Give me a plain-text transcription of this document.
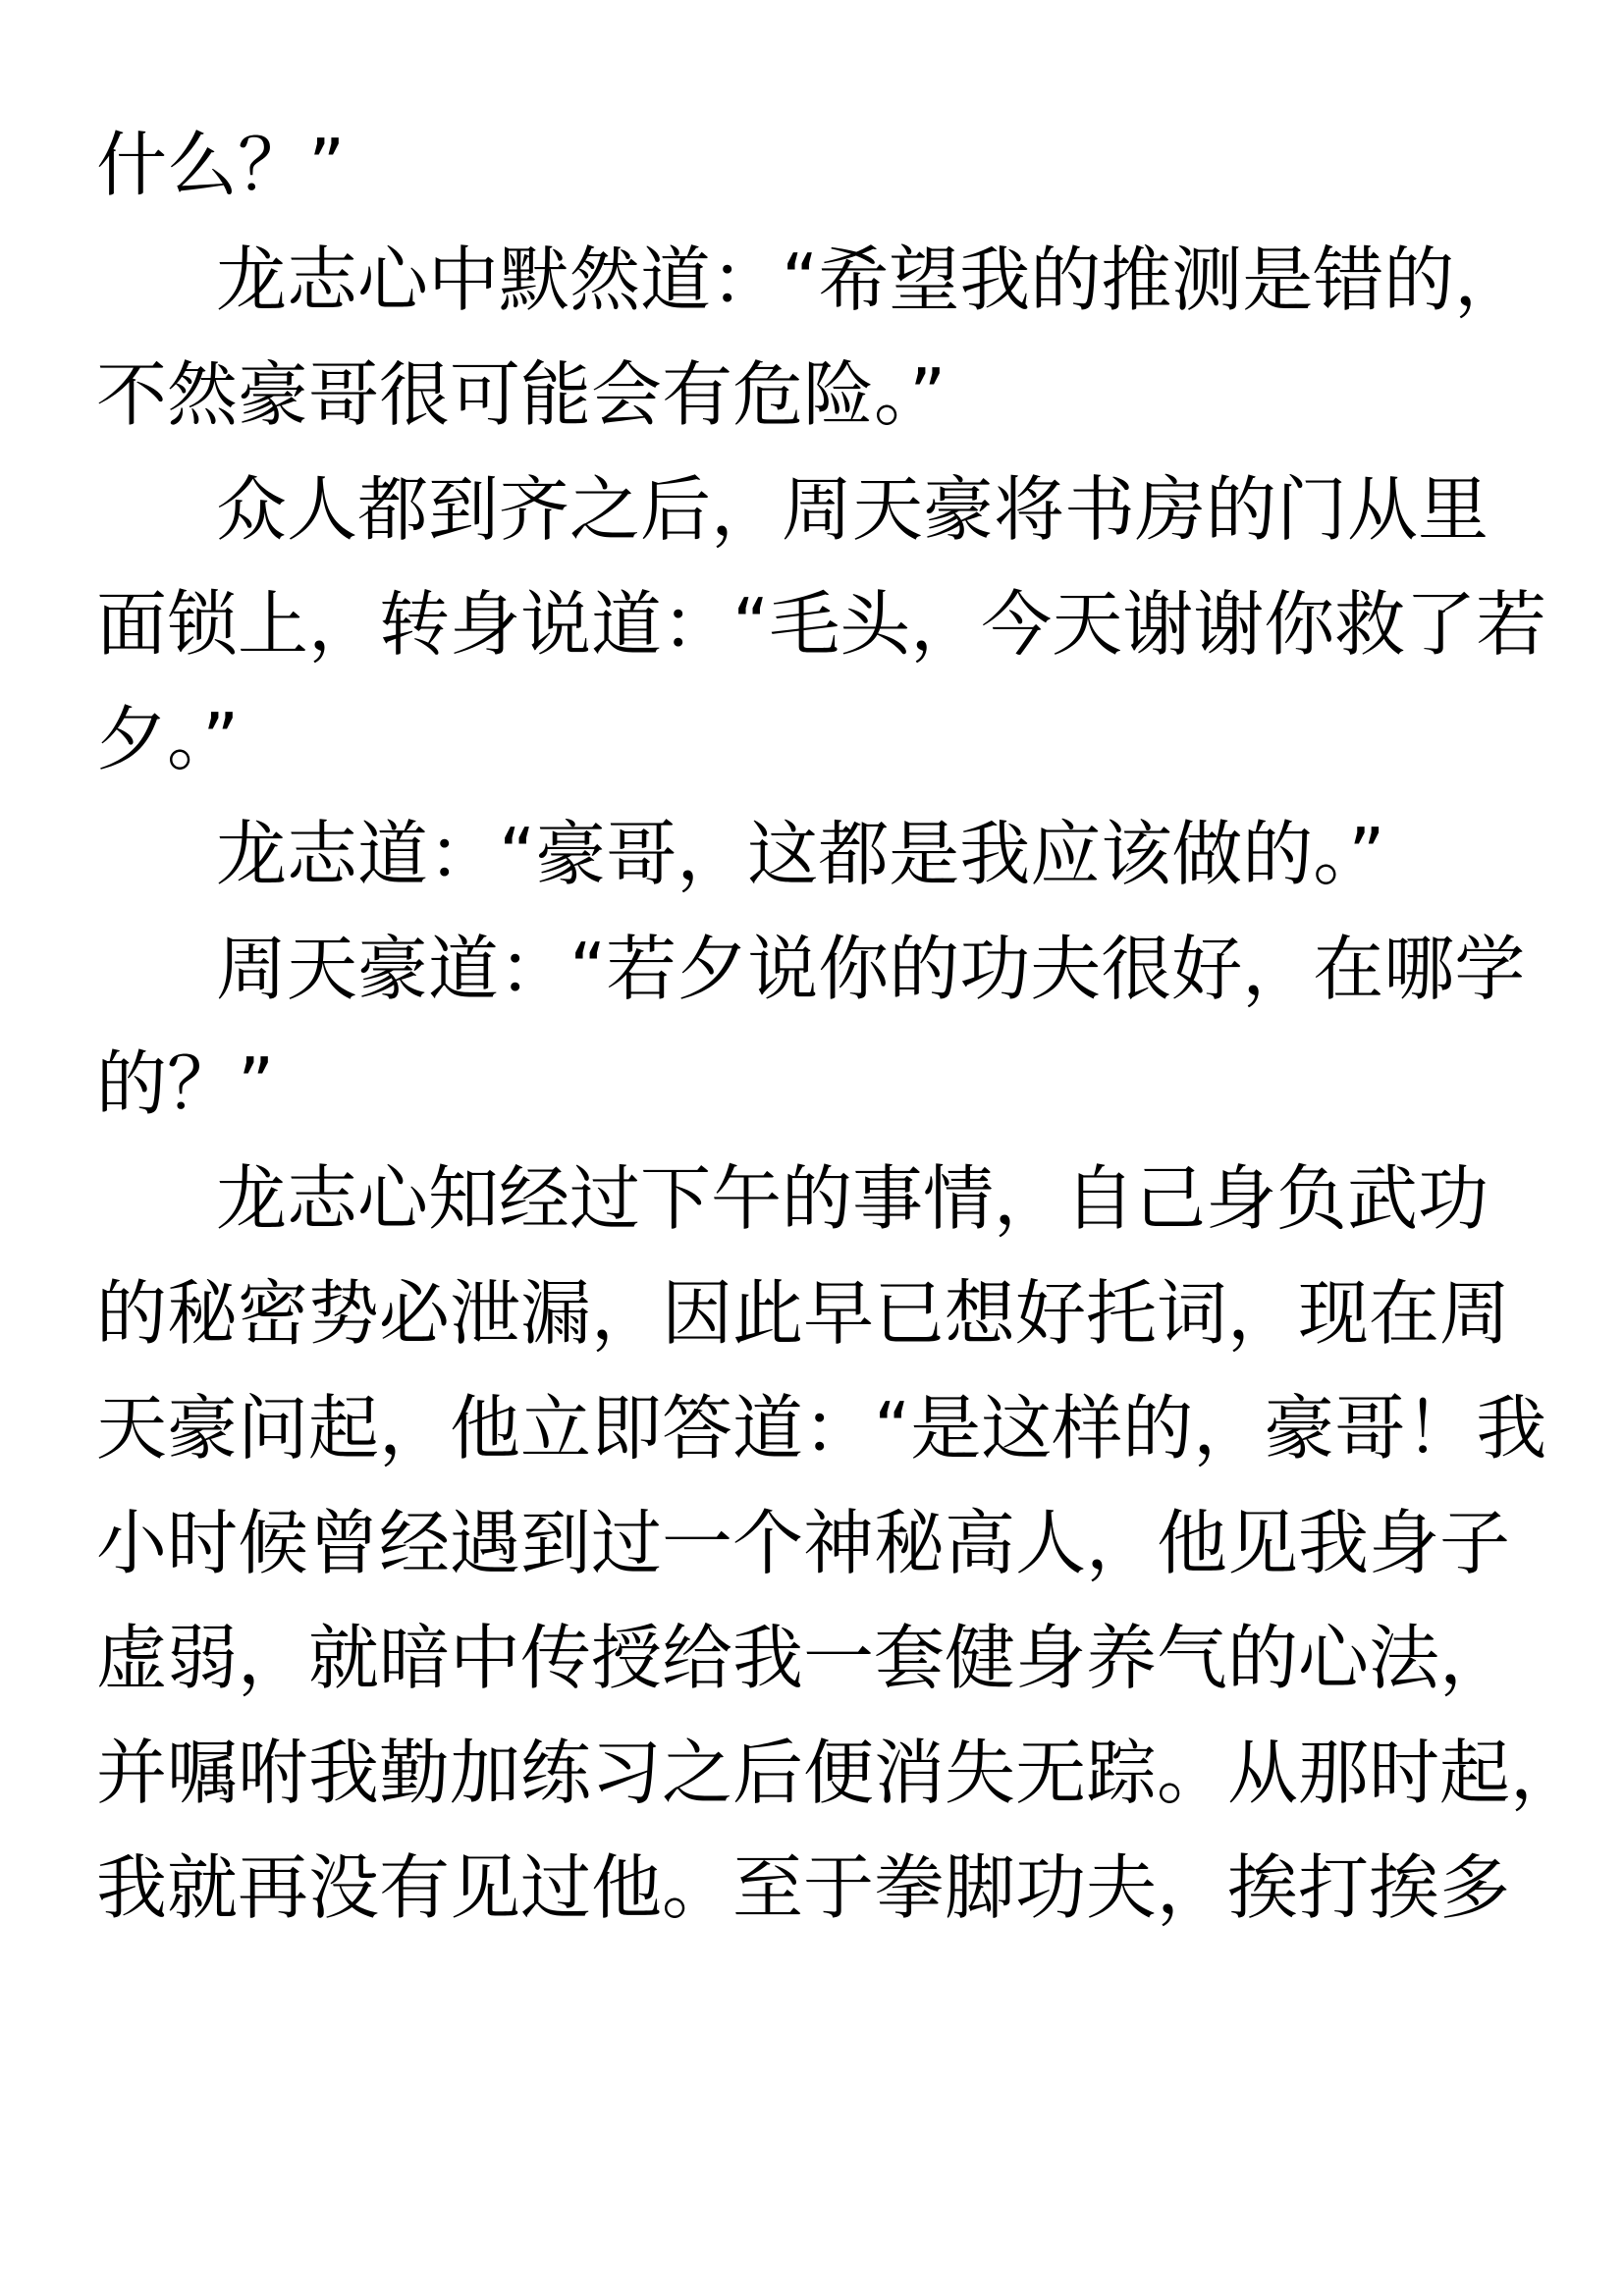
什么？”
龙志心中默然道：“希望我的推测是错的，
不然豪哥很可能会有危险。”
众人都到齐之后，周天豪将书房的门从里
面锁上，转身说道：“毛头，今天谢谢你救了若
夕。”
龙志道：“豪哥，这都是我应该做的。”
周天豪道：“若夕说你的功夫很好，在哪学
的？”
龙志心知经过下午的事情，自己身负武功
的秘密势必泄漏，因此早已想好托词，现在周
天豪问起，他立即答道：“是这样的，豪哥！我
小时候曾经遇到过一个神秘高人，他见我身子
虚弱，就暗中传授给我一套健身养气的心法，
并嘱咐我勤加练习之后便消失无踪。从那时起，
我就再没有见过他。至于拳脚功夫，挨打挨多
